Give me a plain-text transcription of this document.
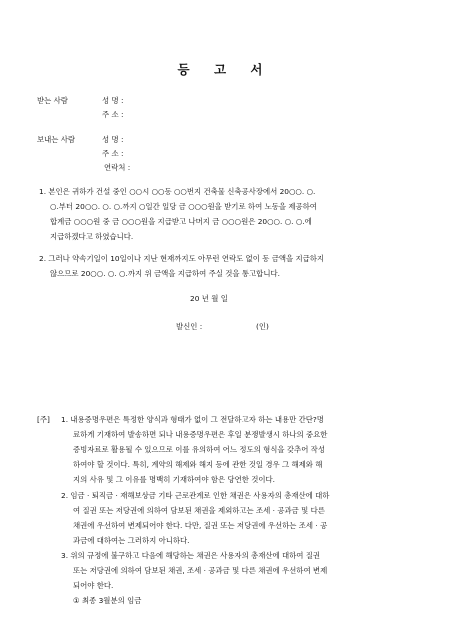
등 고 서
받는 사람	성 명 :
주 소 :
보내는 사람	성 명 :
주 소 :
연락처 :
1. 본인은 귀하가 건설 중인 ○○시 ○○동 ○○번지 건축물 신축공사장에서 20○○. ○.
○.부터 20○○. ○. ○.까지 ○일간 일당 금 ○○○원을 받기로 하여 노동을 제공하여
합계금 ○○○원 중 금 ○○○원을 지급받고 나머지 금 ○○○원은 20○○. ○. ○.에
지급하겠다고 하였습니다.
2. 그러나 약속기일이 10일이나 지난 현재까지도 아무런 연락도 없이 동 금액을 지급하지
않으므로 20○○. ○. ○.까지 위 금액을 지급하여 주실 것을 통고합니다.
20 년 월 일
발신인 :	(인)
[주] 1. 내용증명우편은 특정한 양식과 형태가 없이 그 전달하고자 하는 내용만 간단?명
료하게 기재하여 발송하면 되나 내용증명우편은 후일 분쟁발생시 하나의 중요한
증빙자료로 활용될 수 있으므로 이를 유의하여 어느 정도의 형식을 갖추어 작성
하여야 할 것이다. 특히, 계약의 해제와 해지 등에 관한 것일 경우 그 해제와 해
지의 사유 및 그 이유를 명백히 기재하여야 함은 당연한 것이다.
2. 임금 · 퇴직금 · 재해보상금 기타 근로관계로 인한 채권은 사용자의 총재산에 대하
여 질권 또는 저당권에 의하여 담보된 채권을 제외하고는 조세 · 공과금 및 다른
채권에 우선하여 변제되어야 한다. 다만, 질권 또는 저당권에 우선하는 조세 · 공
과금에 대하여는 그러하지 아니하다.
3. 위의 규정에 불구하고 다음에 해당하는 채권은 사용자의 총재산에 대하여 질권
또는 저당권에 의하여 담보된 채권, 조세 · 공과금 및 다른 채권에 우선하여 변제
되어야 한다.
① 최종 3월분의 임금
